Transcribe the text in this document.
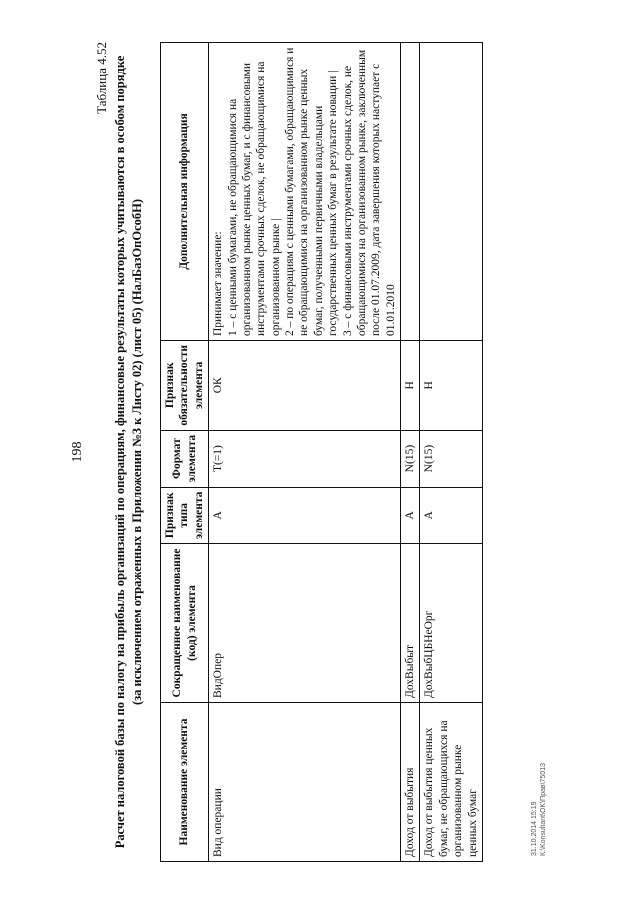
198
Таблица 4.52 Расчет налоговой базы по налогу на прибыль организаций по операциям, финансовые результаты которых учитываются в особом порядке (за исключением отраженных в Приложении №3 к Листу 02) (лист 05) (НалБазОпОсобН)
Наименование элемента	Сокращенное наименование (код) элемента	Признак типа элемента	Формат элемента	Признак обязательности элемента	Дополнительная информация
Вид операции	ВидОпер	А	T(=1)	ОК	Принимает значение: 1 – с ценными бумагами, не обращающимися на организованном рынке ценных бумаг, и с финансовыми инструментами срочных сделок, не обращающимися на организованном рынке | 2 – по операциям с ценными бумагами, обращающимися и не обращающимися на организованном рынке ценных бумаг, полученными первичными владельцами государственных ценных бумаг в результате новации | 3 – с финансовыми инструментами срочных сделок, не обращающимися на организованном рынке, заключенным после 01.07.2009, дата завершения которых наступает с 01.01.2010

Доход от выбытия	ДохВыбыт	А	N(15)	Н	
Доход от выбытия ценных бумаг, не обращающихся на организованном рынке ценных бумаг	ДохВыбЦБНеОрг	А	N(15)	Н	
31.10.2014 15:19 К:\Konsultant\OK\Прав\75013
